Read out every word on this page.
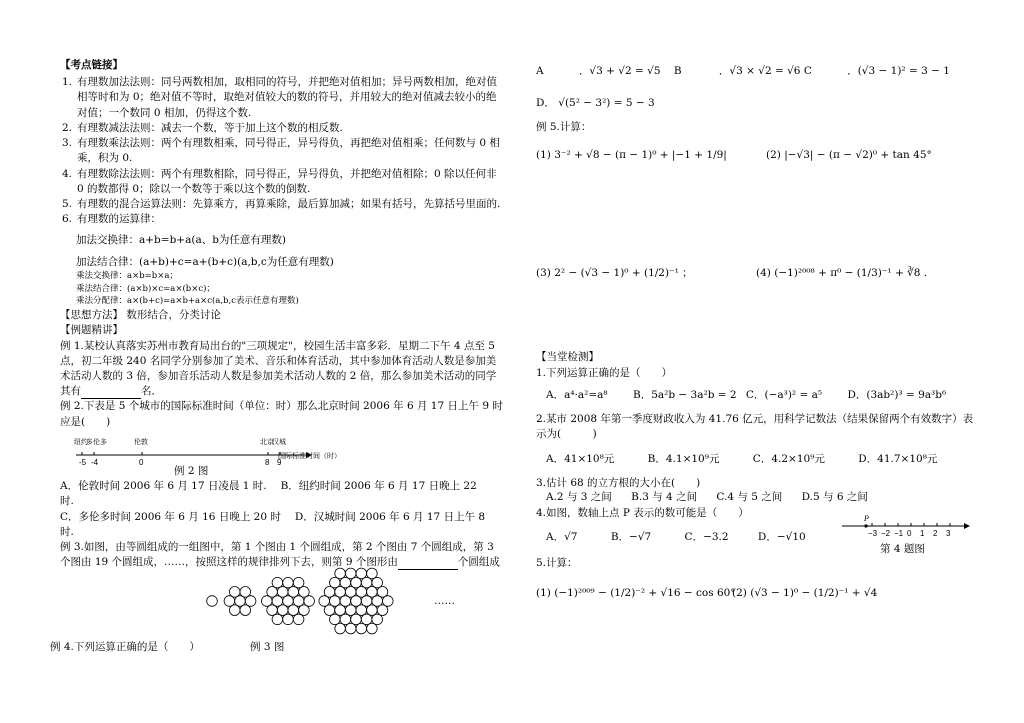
【考点链接】
1. 有理数加法法则：同号两数相加，取相同的符号，并把绝对值相加；异号两数相加，绝对值相等时和为 0；绝对值不等时，取绝对值较大的数的符号，并用较大的绝对值减去较小的绝对值；一个数同 0 相加，仍得这个数.
2. 有理数减法法则：减去一个数，等于加上这个数的相反数.
3. 有理数乘法法则：两个有理数相乘，同号得正，异号得负，再把绝对值相乘；任何数与 0 相乘，积为 0.
4. 有理数除法法则：两个有理数相除，同号得正，异号得负，并把绝对值相除；0 除以任何非 0 的数都得 0；除以一个数等于乘以这个数的倒数.
5. 有理数的混合运算法则：先算乘方，再算乘除，最后算加减；如果有括号，先算括号里面的.
6. 有理数的运算律：
加法交换律：a+b=b+a(a、b为任意有理数)
加法结合律：(a+b)+c=a+(b+c)(a,b,c为任意有理数)
乘法交换律：a×b=b×a；
乘法结合律：(a×b)×c=a×(b×c)；
乘法分配律：a×(b+c)=a×b+a×c(a,b,c表示任意有理数)
【思想方法】 数形结合，分类讨论
【例题精讲】
例 1.某校认真落实苏州市教育局出台的"三项规定"，校园生活丰富多彩．星期二下午 4 点至 5 点，初二年级 240 名同学分别参加了美术、音乐和体育活动，其中参加体育活动人数是参加美术活动人数的 3 倍，参加音乐活动人数是参加美术活动人数的 2 倍，那么参加美术活动的同学其有	名．
例 2.下表是 5 个城市的国际标准时间（单位：时）那么北京时间 2006 年 6 月 17 日上午 9 时应是(　　)
-5
纽约
-4
多伦多
0
伦敦
8
北京
9
汉城
国际标准时间（时）
例 2 图
A．伦敦时间 2006 年 6 月 17 日凌晨 1 时. B．纽约时间 2006 年 6 月 17 日晚上 22 时.
C．多伦多时间 2006 年 6 月 16 日晚上 20 时 D．汉城时间 2006 年 6 月 17 日上午 8 时.
例 3.如图，由等圆组成的一组图中，第 1 个图由 1 个圆组成，第 2 个图由 7 个圆组成，第 3 个图由 19 个圆组成，……，按照这样的规律排列下去，则第 9 个图形由	个圆组成
……
例 4.下列运算正确的是（　　）	例 3 图
A	．√3 + √2 = √5 B	．√3 × √2 = √6 C	．(√3 − 1)² = 3 − 1
D． √(5² − 3²) = 5 − 3
例 5.计算：
(1) 3⁻² + √8 − (π − 1)⁰ + |−1 + 1/9|	(2) |−√3| − (π − √2)⁰ + tan 45°
(3) 2² − (√3 − 1)⁰ + (1/2)⁻¹ ；	(4) (−1)²⁰⁰⁸ + π⁰ − (1/3)⁻¹ + ∛8 .
【当堂检测】
1.下列运算正确的是（　　）
A．a⁴·a²=a⁸ B．5a²b − 3a²b = 2 C．(−a³)² = a⁵ D．(3ab²)³ = 9a³b⁶
2.某市 2008 年第一季度财政收入为 41.76 亿元，用科学记数法（结果保留两个有效数字）表示为(　　　)
A．41×10⁸元	B．4.1×10⁹元	C．4.2×10⁹元	D．41.7×10⁸元
3.估计 68 的立方根的大小在(　　)
A.2 与 3 之间 B.3 与 4 之间 C.4 与 5 之间 D.5 与 6 之间
4.如图，数轴上点 P 表示的数可能是（　　）
A．√7	B．−√7	C．−3.2	D．−√10	−3 −2 −1 0 1 2 3
P
第 4 题图
5.计算：
(1) (−1)²⁰⁰⁹ − (1/2)⁻² + √16 − cos 60°
(2) (√3 − 1)⁰ − (1/2)⁻¹ + √4
